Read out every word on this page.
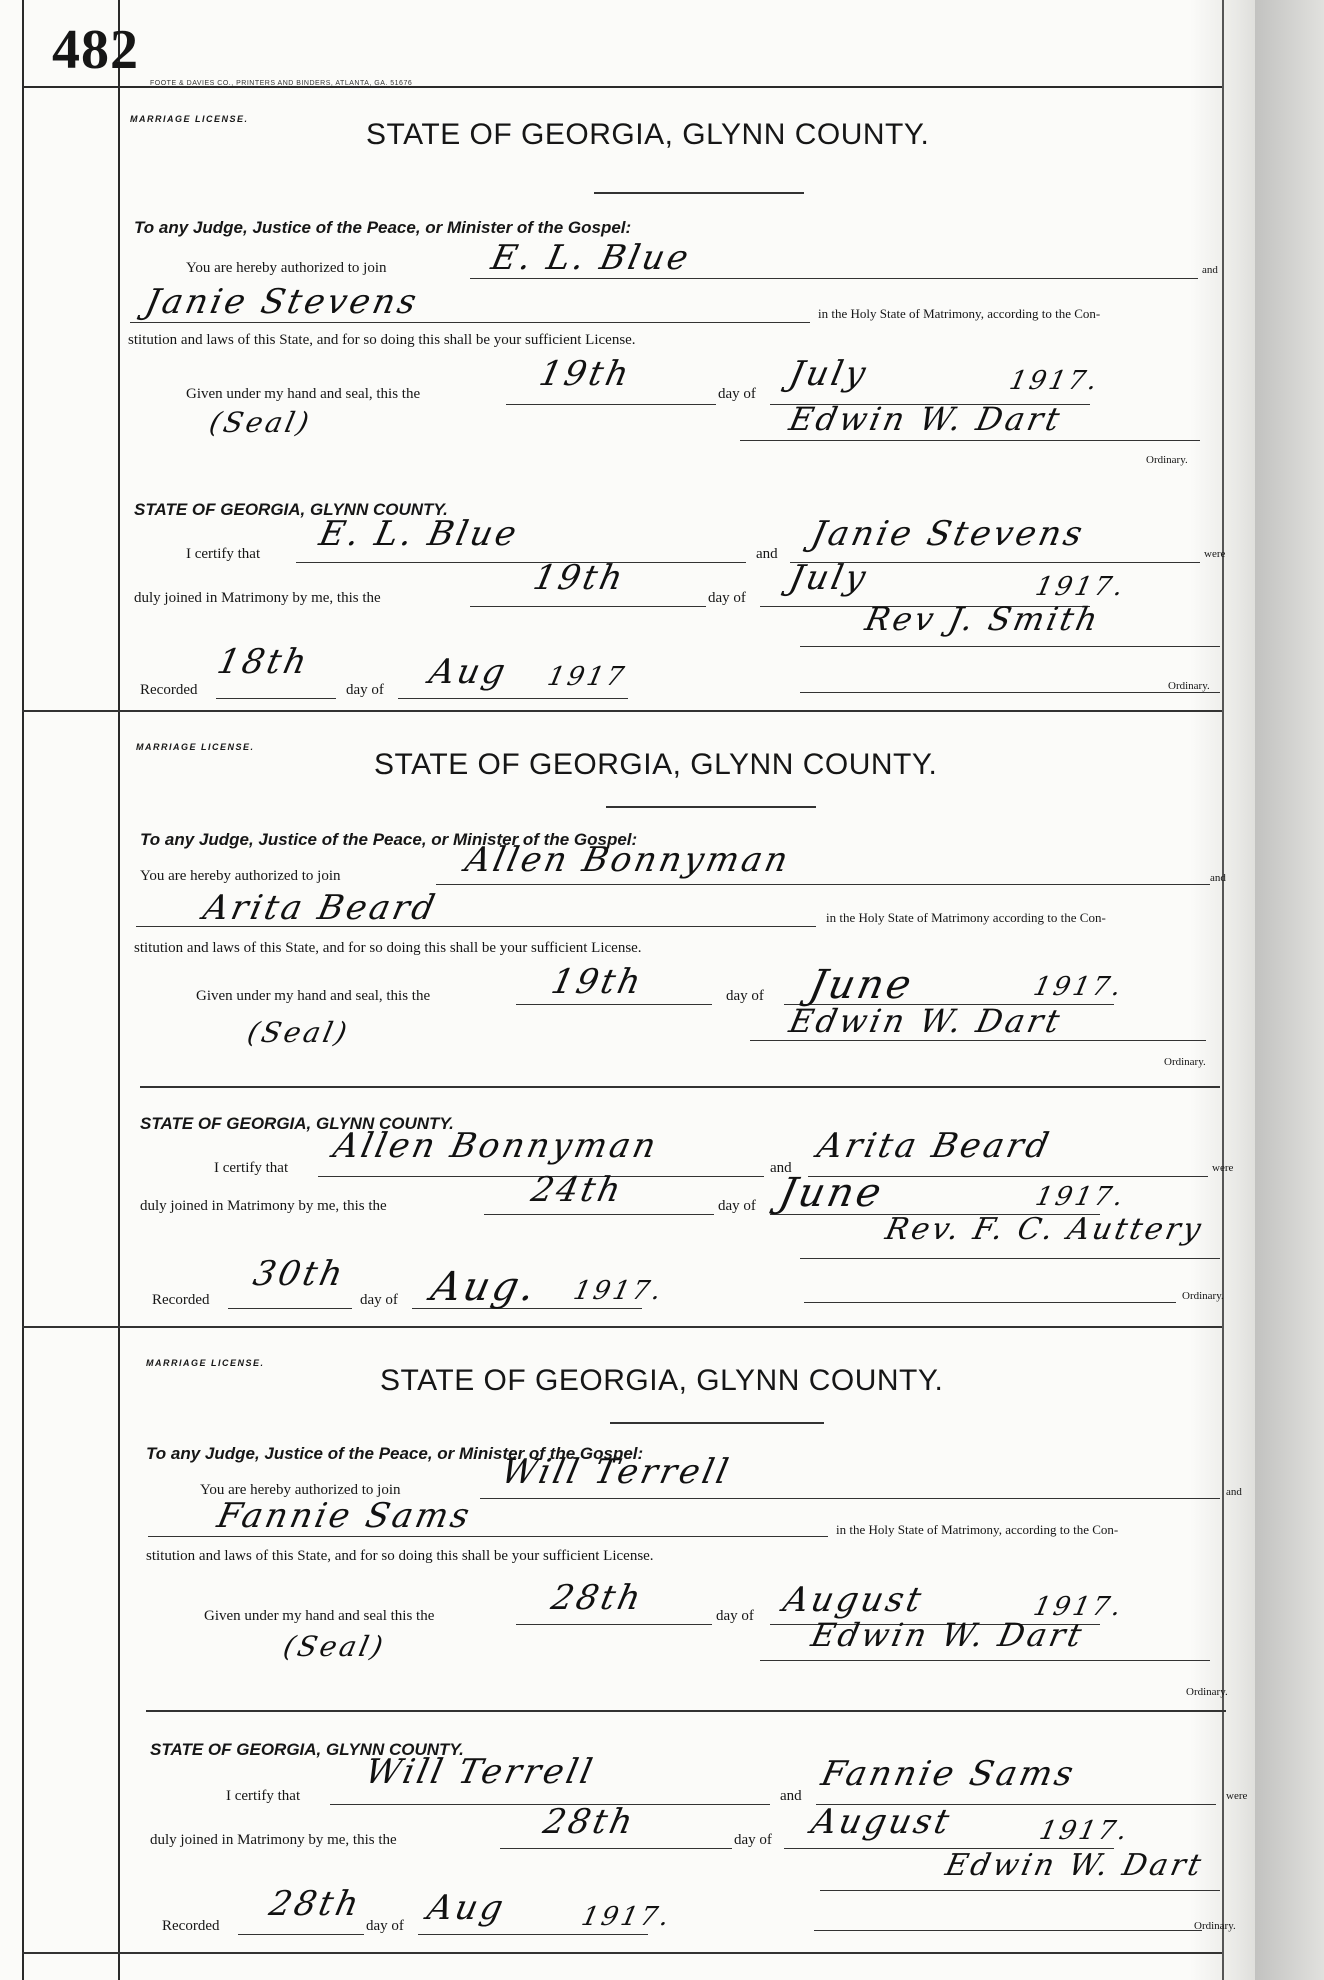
482
FOOTE & DAVIES CO., PRINTERS AND BINDERS, ATLANTA, GA. 51676
MARRIAGE LICENSE.	STATE OF GEORGIA, GLYNN COUNTY.
To any Judge, Justice of the Peace, or Minister of the Gospel:
You are hereby authorized to join	E. L. Blue	and
Janie Stevens	in the Holy State of Matrimony, according to the Con-
stitution and laws of this State, and for so doing this shall be your sufficient License.
Given under my hand and seal, this the	19th	day of July	1917.
(Seal)	Edwin W. Dart
Ordinary.
STATE OF GEORGIA, GLYNN COUNTY.
I certify that E. L. Blue	and Janie Stevens	were
duly joined in Matrimony by me, this the	19th	day of July	1917.
Rev J. Smith
Recorded
18th
day of Aug 1917	Ordinary.
MARRIAGE LICENSE.
STATE OF GEORGIA, GLYNN COUNTY.
To any Judge, Justice of the Peace, or Minister of the Gospel:
You are hereby authorized to join	Allen Bonnyman	and
Arita Beard	in the Holy State of Matrimony according to the Con-
stitution and laws of this State, and for so doing this shall be your sufficient License.
Given under my hand and seal, this the	19th	day of June	1917.
(Seal)	Edwin W. Dart
Ordinary.
STATE OF GEORGIA, GLYNN COUNTY.
I certify that
Allen Bonnyman
and
Arita Beard
were
duly joined in Matrimony by me, this the	24th	day of June	1917.
Rev. F. C. Auttery
Recorded
30th
day of Aug. 1917.	Ordinary.
MARRIAGE LICENSE.
STATE OF GEORGIA, GLYNN COUNTY.
To any Judge, Justice of the Peace, or Minister of the Gospel:
You are hereby authorized to join	Will Terrell	and
Fannie Sams	in the Holy State of Matrimony, according to the Con-
stitution and laws of this State, and for so doing this shall be your sufficient License.
Given under my hand and seal this the	28th	day of August	1917.
(Seal)	Edwin W. Dart
Ordinary.
STATE OF GEORGIA, GLYNN COUNTY.
I certify that
Will Terrell
and
Fannie Sams
were
duly joined in Matrimony by me, this the	28th	day of August	1917.
Edwin W. Dart
Recorded
28th
day of Aug	1917.	Ordinary.
